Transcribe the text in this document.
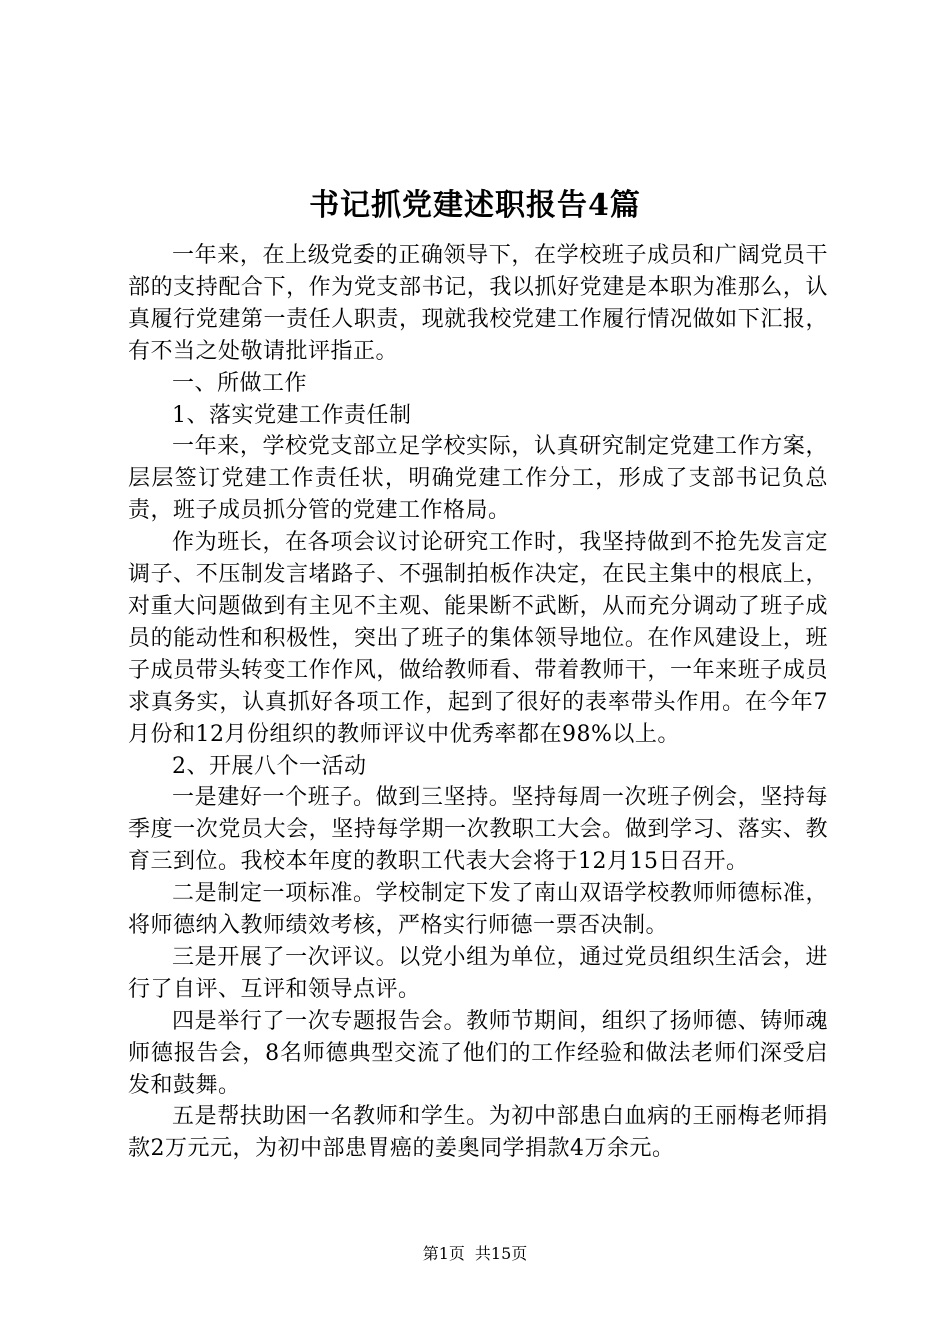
书记抓党建述职报告4篇

一年来，在上级党委的正确领导下，在学校班子成员和广阔党员干部的支持配合下，作为党支部书记，我以抓好党建是本职为准那么，认真履行党建第一责任人职责，现就我校党建工作履行情况做如下汇报，有不当之处敬请批评指正。

一、所做工作

1、落实党建工作责任制

一年来，学校党支部立足学校实际，认真研究制定党建工作方案，层层签订党建工作责任状，明确党建工作分工，形成了支部书记负总责，班子成员抓分管的党建工作格局。

作为班长，在各项会议讨论研究工作时，我坚持做到不抢先发言定调子、不压制发言堵路子、不强制拍板作决定，在民主集中的根底上，对重大问题做到有主见不主观、能果断不武断，从而充分调动了班子成员的能动性和积极性，突出了班子的集体领导地位。在作风建设上，班子成员带头转变工作作风，做给教师看、带着教师干，一年来班子成员求真务实，认真抓好各项工作，起到了很好的表率带头作用。在今年7月份和12月份组织的教师评议中优秀率都在98%以上。

2、开展八个一活动

一是建好一个班子。做到三坚持。坚持每周一次班子例会，坚持每季度一次党员大会，坚持每学期一次教职工大会。做到学习、落实、教育三到位。我校本年度的教职工代表大会将于12月15日召开。

二是制定一项标准。学校制定下发了南山双语学校教师师德标准，将师德纳入教师绩效考核，严格实行师德一票否决制。

三是开展了一次评议。以党小组为单位，通过党员组织生活会，进行了自评、互评和领导点评。

四是举行了一次专题报告会。教师节期间，组织了扬师德、铸师魂师德报告会，8名师德典型交流了他们的工作经验和做法老师们深受启发和鼓舞。

五是帮扶助困一名教师和学生。为初中部患白血病的王丽梅老师捐款2万元元，为初中部患胃癌的姜奥同学捐款4万余元。

第1页 共15页
